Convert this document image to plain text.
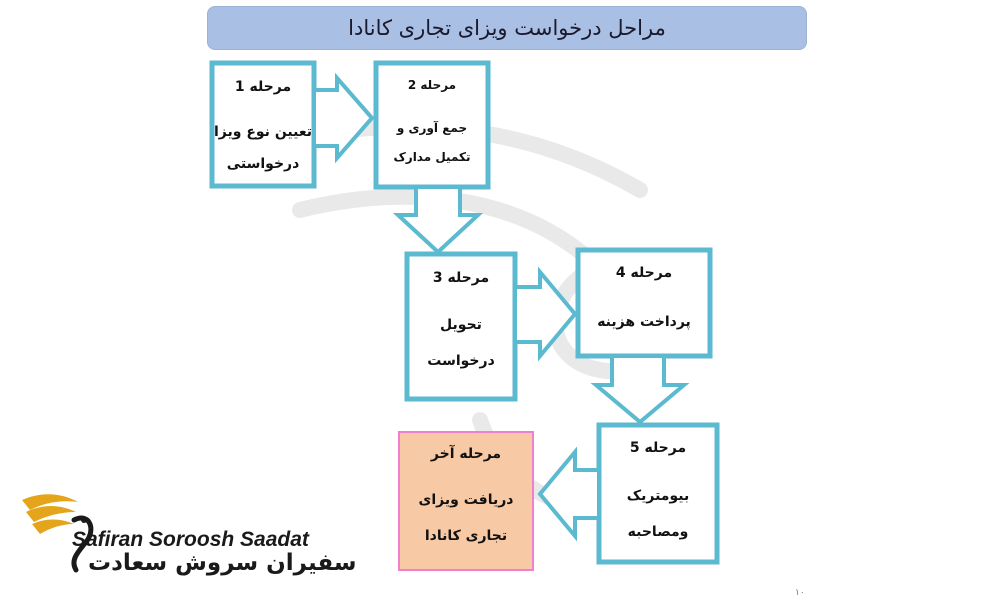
مراحل درخواست ویزای تجاری کانادا
مرحله 1
تعیین نوع ویزا
درخواستی
مرحله 2
جمع آوری و
تکمیل مدارک
مرحله 3
تحویل
درخواست
مرحله 4
پرداخت هزینه
مرحله 5
بیومتریک
ومصاحبه
مرحله آخر
دریافت ویزای
تجاری کانادا
Safiran Soroosh Saadat
سفیران سروش سعادت
۱۰
